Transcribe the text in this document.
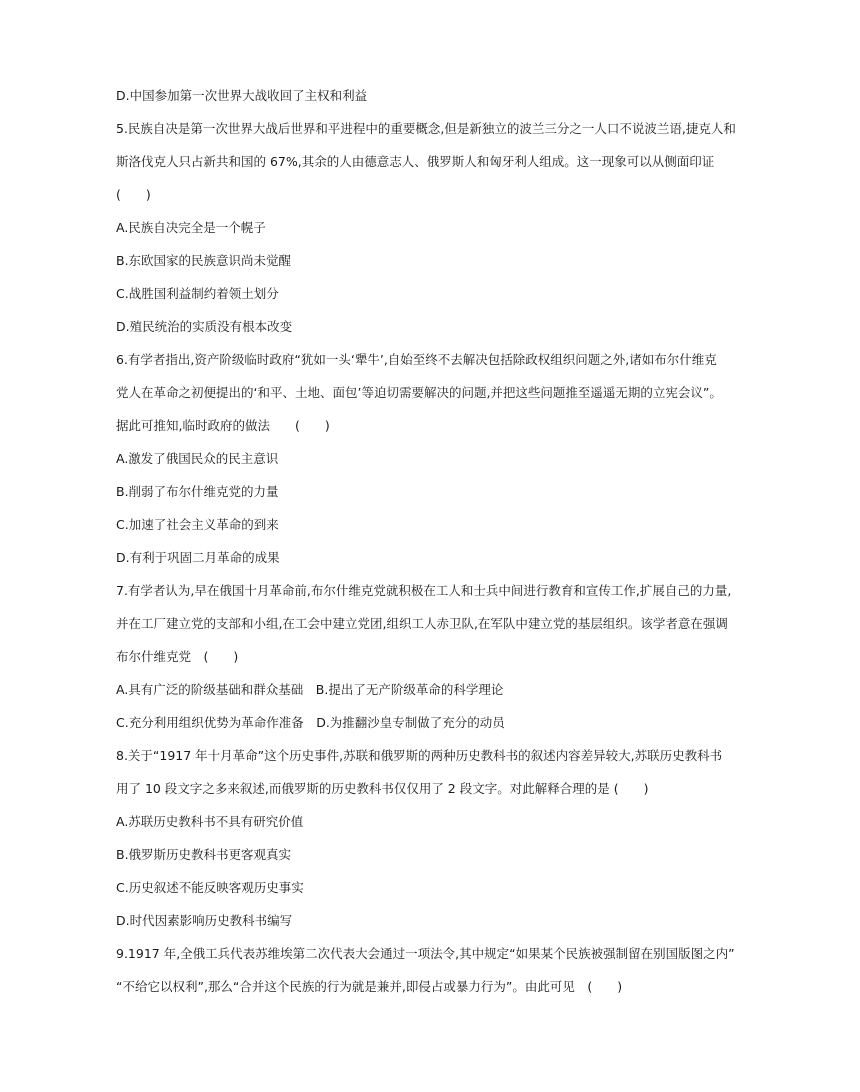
D.中国参加第一次世界大战收回了主权和利益
5.民族自决是第一次世界大战后世界和平进程中的重要概念,但是新独立的波兰三分之一人口不说波兰语,捷克人和
斯洛伐克人只占新共和国的 67%,其余的人由德意志人、俄罗斯人和匈牙利人组成。这一现象可以从侧面印证
(　　)
A.民族自决完全是一个幌子
B.东欧国家的民族意识尚未觉醒
C.战胜国利益制约着领土划分
D.殖民统治的实质没有根本改变
6.有学者指出,资产阶级临时政府“犹如一头‘犟牛’,自始至终不去解决包括除政权组织问题之外,诸如布尔什维克
党人在革命之初便提出的‘和平、土地、面包’等迫切需要解决的问题,并把这些问题推至遥遥无期的立宪会议”。
据此可推知,临时政府的做法　　(　　)
A.激发了俄国民众的民主意识
B.削弱了布尔什维克党的力量
C.加速了社会主义革命的到来
D.有利于巩固二月革命的成果
7.有学者认为,早在俄国十月革命前,布尔什维克党就积极在工人和士兵中间进行教育和宣传工作,扩展自己的力量,
并在工厂建立党的支部和小组,在工会中建立党团,组织工人赤卫队,在军队中建立党的基层组织。该学者意在强调
布尔什维克党　(　　)
A.具有广泛的阶级基础和群众基础　B.提出了无产阶级革命的科学理论
C.充分利用组织优势为革命作准备　D.为推翻沙皇专制做了充分的动员
8.关于“1917 年十月革命”这个历史事件,苏联和俄罗斯的两种历史教科书的叙述内容差异较大,苏联历史教科书
用了 10 段文字之多来叙述,而俄罗斯的历史教科书仅仅用了 2 段文字。对此解释合理的是 (　　)
A.苏联历史教科书不具有研究价值
B.俄罗斯历史教科书更客观真实
C.历史叙述不能反映客观历史事实
D.时代因素影响历史教科书编写
9.1917 年,全俄工兵代表苏维埃第二次代表大会通过一项法令,其中规定“如果某个民族被强制留在别国版图之内”
“不给它以权利”,那么“合并这个民族的行为就是兼并,即侵占或暴力行为”。由此可见　(　　)
